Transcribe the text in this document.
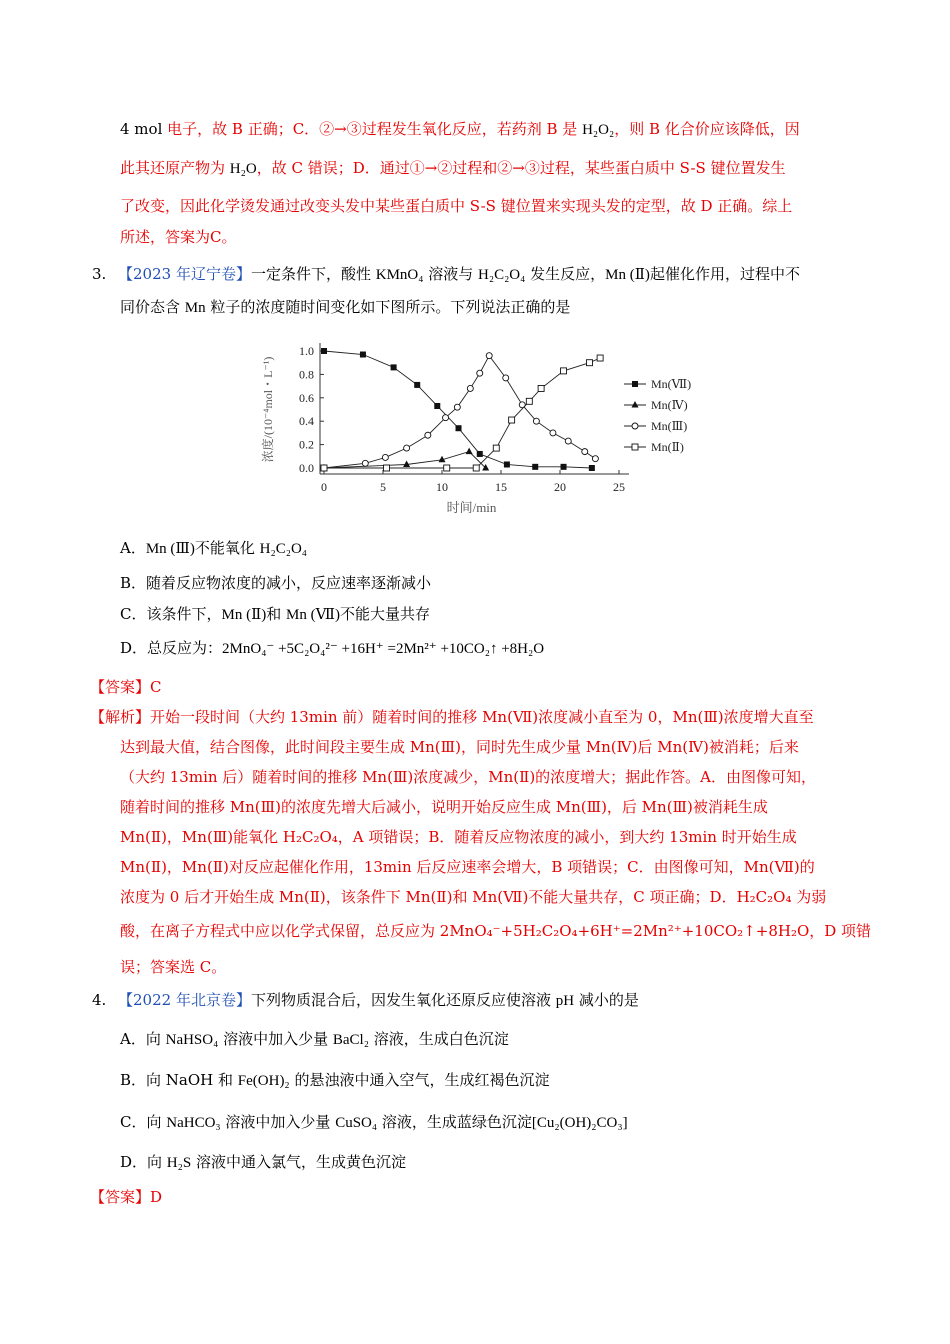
4 mol 电子，故 B 正确；C．②→③过程发生氧化反应，若药剂 B 是 H₂O₂，则 B 化合价应该降低，因
此其还原产物为 H₂O，故 C 错误；D．通过①→②过程和②→③过程，某些蛋白质中 S-S 键位置发生
了改变，因此化学烫发通过改变头发中某些蛋白质中 S-S 键位置来实现头发的定型，故 D 正确。综上
所述，答案为C。
3. 【2023 年辽宁卷】一定条件下，酸性 KMnO₄ 溶液与 H₂C₂O₄ 发生反应，Mn (Ⅱ)起催化作用，过程中不
同价态含 Mn 粒子的浓度随时间变化如下图所示。下列说法正确的是
0.0
0.2
0.4
0.6
0.8
1.0
0	5	10	15	20	25
时间/min
浓度/(10⁻⁴mol・L⁻¹)	Mn(Ⅶ)
Mn(Ⅳ)
Mn(Ⅲ)
Mn(Ⅱ)
A．Mn (Ⅲ)不能氧化 H₂C₂O₄
B．随着反应物浓度的减小，反应速率逐渐减小
C．该条件下，Mn (Ⅱ)和 Mn (Ⅶ)不能大量共存
D．总反应为：2MnO₄⁻ +5C₂O₄²⁻ +16H⁺ =2Mn²⁺ +10CO₂↑ +8H₂O
【答案】C
【解析】 开始一段时间（大约 13min 前）随着时间的推移 Mn(Ⅶ)浓度减小直至为 0，Mn(Ⅲ)浓度增大直至
达到最大值，结合图像，此时间段主要生成 Mn(Ⅲ)，同时先生成少量 Mn(Ⅳ)后 Mn(Ⅳ)被消耗；后来
（大约 13min 后）随着时间的推移 Mn(Ⅲ)浓度减少，Mn(Ⅱ)的浓度增大；据此作答。A．由图像可知，
随着时间的推移 Mn(Ⅲ)的浓度先增大后减小，说明开始反应生成 Mn(Ⅲ)，后 Mn(Ⅲ)被消耗生成
Mn(Ⅱ)，Mn(Ⅲ)能氧化 H₂C₂O₄，A 项错误；B．随着反应物浓度的减小，到大约 13min 时开始生成
Mn(Ⅱ)，Mn(Ⅱ)对反应起催化作用，13min 后反应速率会增大，B 项错误；C．由图像可知，Mn(Ⅶ)的
浓度为 0 后才开始生成 Mn(Ⅱ)，该条件下 Mn(Ⅱ)和 Mn(Ⅶ)不能大量共存，C 项正确；D．H₂C₂O₄ 为弱
酸，在离子方程式中应以化学式保留，总反应为 2MnO₄⁻+5H₂C₂O₄+6H⁺=2Mn²⁺+10CO₂↑+8H₂O，D 项错
误；答案选 C。
4. 【2022 年北京卷】下列物质混合后，因发生氧化还原反应使溶液 pH 减小的是
A．向 NaHSO₄ 溶液中加入少量 BaCl₂ 溶液，生成白色沉淀
B．向 NaOH 和 Fe(OH)₂ 的悬浊液中通入空气，生成红褐色沉淀
C．向 NaHCO₃ 溶液中加入少量 CuSO₄ 溶液，生成蓝绿色沉淀[Cu₂(OH)₂CO₃]
D．向 H₂S 溶液中通入氯气，生成黄色沉淀
【答案】D
